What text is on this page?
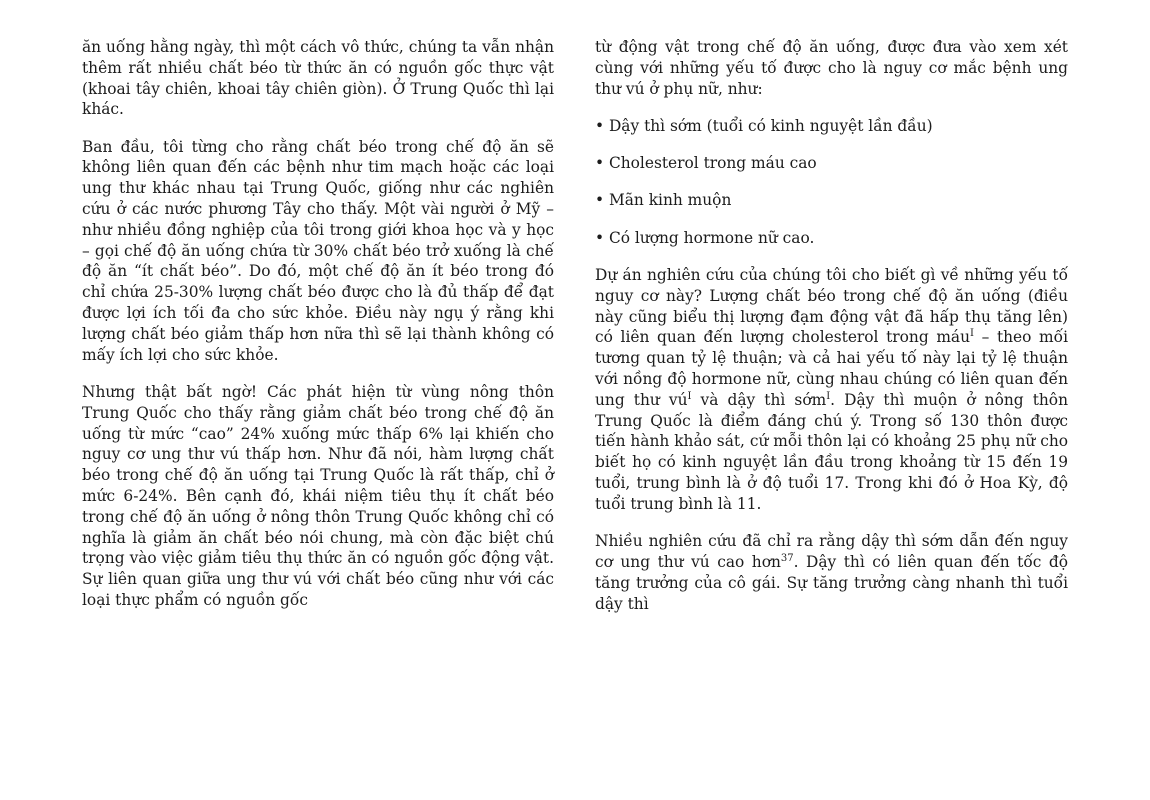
ăn uống hằng ngày, thì một cách vô thức, chúng ta vẫn nhận thêm rất nhiều chất béo từ thức ăn có nguồn gốc thực vật (khoai tây chiên, khoai tây chiên giòn). Ở Trung Quốc thì lại khác.

Ban đầu, tôi từng cho rằng chất béo trong chế độ ăn sẽ không liên quan đến các bệnh như tim mạch hoặc các loại ung thư khác nhau tại Trung Quốc, giống như các nghiên cứu ở các nước phương Tây cho thấy. Một vài người ở Mỹ – như nhiều đồng nghiệp của tôi trong giới khoa học và y học – gọi chế độ ăn uống chứa từ 30% chất béo trở xuống là chế độ ăn “ít chất béo”. Do đó, một chế độ ăn ít béo trong đó chỉ chứa 25-30% lượng chất béo được cho là đủ thấp để đạt được lợi ích tối đa cho sức khỏe. Điều này ngụ ý rằng khi lượng chất béo giảm thấp hơn nữa thì sẽ lại thành không có mấy ích lợi cho sức khỏe.

Nhưng thật bất ngờ! Các phát hiện từ vùng nông thôn Trung Quốc cho thấy rằng giảm chất béo trong chế độ ăn uống từ mức “cao” 24% xuống mức thấp 6% lại khiến cho nguy cơ ung thư vú thấp hơn. Như đã nói, hàm lượng chất béo trong chế độ ăn uống tại Trung Quốc là rất thấp, chỉ ở mức 6-24%. Bên cạnh đó, khái niệm tiêu thụ ít chất béo trong chế độ ăn uống ở nông thôn Trung Quốc không chỉ có nghĩa là giảm ăn chất béo nói chung, mà còn đặc biệt chú trọng vào việc giảm tiêu thụ thức ăn có nguồn gốc động vật. Sự liên quan giữa ung thư vú với chất béo cũng như với các loại thực phẩm có nguồn gốc

từ động vật trong chế độ ăn uống, được đưa vào xem xét cùng với những yếu tố được cho là nguy cơ mắc bệnh ung thư vú ở phụ nữ, như:

• Dậy thì sớm (tuổi có kinh nguyệt lần đầu)
• Cholesterol trong máu cao
• Mãn kinh muộn
• Có lượng hormone nữ cao.

Dự án nghiên cứu của chúng tôi cho biết gì về những yếu tố nguy cơ này? Lượng chất béo trong chế độ ăn uống (điều này cũng biểu thị lượng đạm động vật đã hấp thụ tăng lên) có liên quan đến lượng cholesterol trong máu$^I$ – theo mối tương quan tỷ lệ thuận; và cả hai yếu tố này lại tỷ lệ thuận với nồng độ hormone nữ, cùng nhau chúng có liên quan đến ung thư $vú^I$ và dậy thì sớm$^I$. Dậy thì muộn ở nông thôn Trung Quốc là điểm đáng chú ý. Trong số 130 thôn được tiến hành khảo sát, cứ mỗi thôn lại có khoảng 25 phụ nữ cho biết họ có kinh nguyệt lần đầu trong khoảng từ 15 đến 19 tuổi, trung bình là ở độ tuổi 17. Trong khi đó ở Hoa Kỳ, độ tuổi trung bình là 11.

Nhiều nghiên cứu đã chỉ ra rằng dậy thì sớm dẫn đến nguy cơ ung thư vú cao hơn$^{37}$. Dậy thì có liên quan đến tốc độ tăng trưởng của cô gái. Sự tăng trưởng càng nhanh thì tuổi dậy thì
